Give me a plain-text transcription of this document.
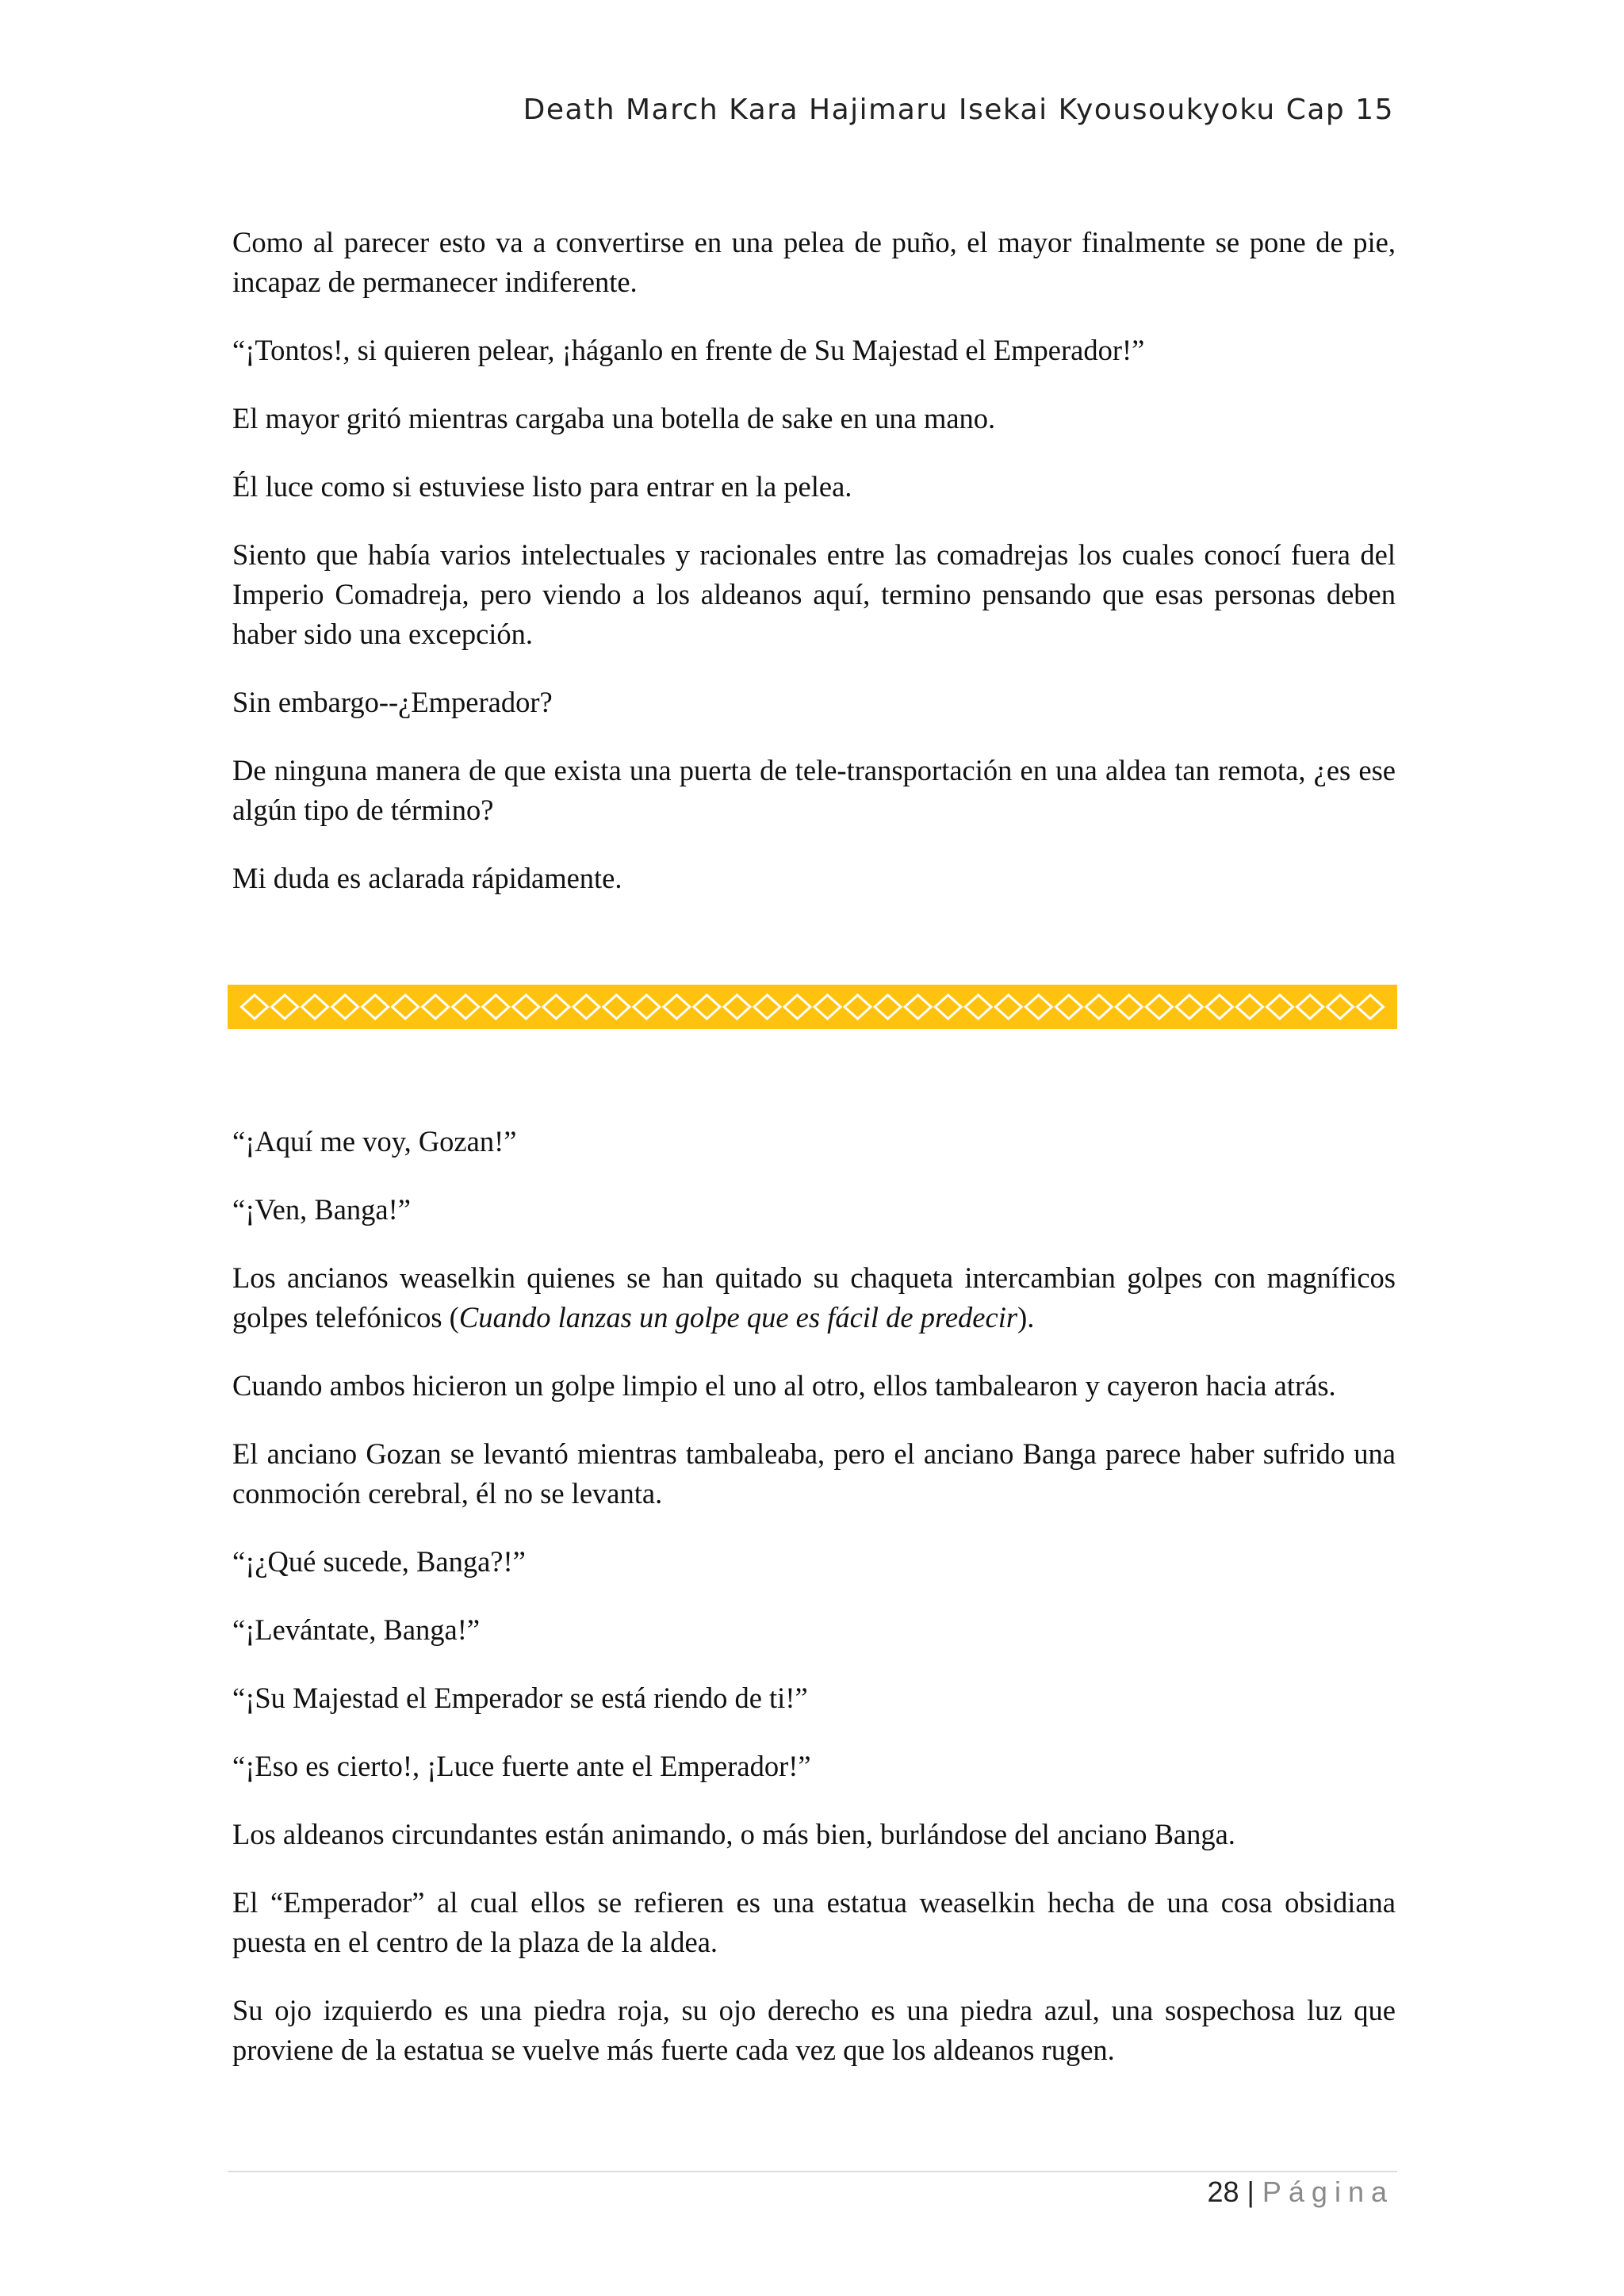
Death March Kara Hajimaru Isekai Kyousoukyoku Cap 15

Como al parecer esto va a convertirse en una pelea de puño, el mayor finalmente se pone de pie, incapaz de permanecer indiferente.

“¡Tontos!, si quieren pelear, ¡háganlo en frente de Su Majestad el Emperador!”

El mayor gritó mientras cargaba una botella de sake en una mano.

Él luce como si estuviese listo para entrar en la pelea.

Siento que había varios intelectuales y racionales entre las comadrejas los cuales conocí fuera del Imperio Comadreja, pero viendo a los aldeanos aquí, termino pensando que esas personas deben haber sido una excepción.

Sin embargo--¿Emperador?

De ninguna manera de que exista una puerta de tele-transportación en una aldea tan remota, ¿es ese algún tipo de término?

Mi duda es aclarada rápidamente.

“¡Aquí me voy, Gozan!”

“¡Ven, Banga!”

Los ancianos weaselkin quienes se han quitado su chaqueta intercambian golpes con magníficos golpes telefónicos (Cuando lanzas un golpe que es fácil de predecir).

Cuando ambos hicieron un golpe limpio el uno al otro, ellos tambalearon y cayeron hacia atrás.

El anciano Gozan se levantó mientras tambaleaba, pero el anciano Banga parece haber sufrido una conmoción cerebral, él no se levanta.

“¡¿Qué sucede, Banga?!”

“¡Levántate, Banga!”

“¡Su Majestad el Emperador se está riendo de ti!”

“¡Eso es cierto!, ¡Luce fuerte ante el Emperador!”

Los aldeanos circundantes están animando, o más bien, burlándose del anciano Banga.

El “Emperador” al cual ellos se refieren es una estatua weaselkin hecha de una cosa obsidiana puesta en el centro de la plaza de la aldea.

Su ojo izquierdo es una piedra roja, su ojo derecho es una piedra azul, una sospechosa luz que proviene de la estatua se vuelve más fuerte cada vez que los aldeanos rugen.

28 | Página
